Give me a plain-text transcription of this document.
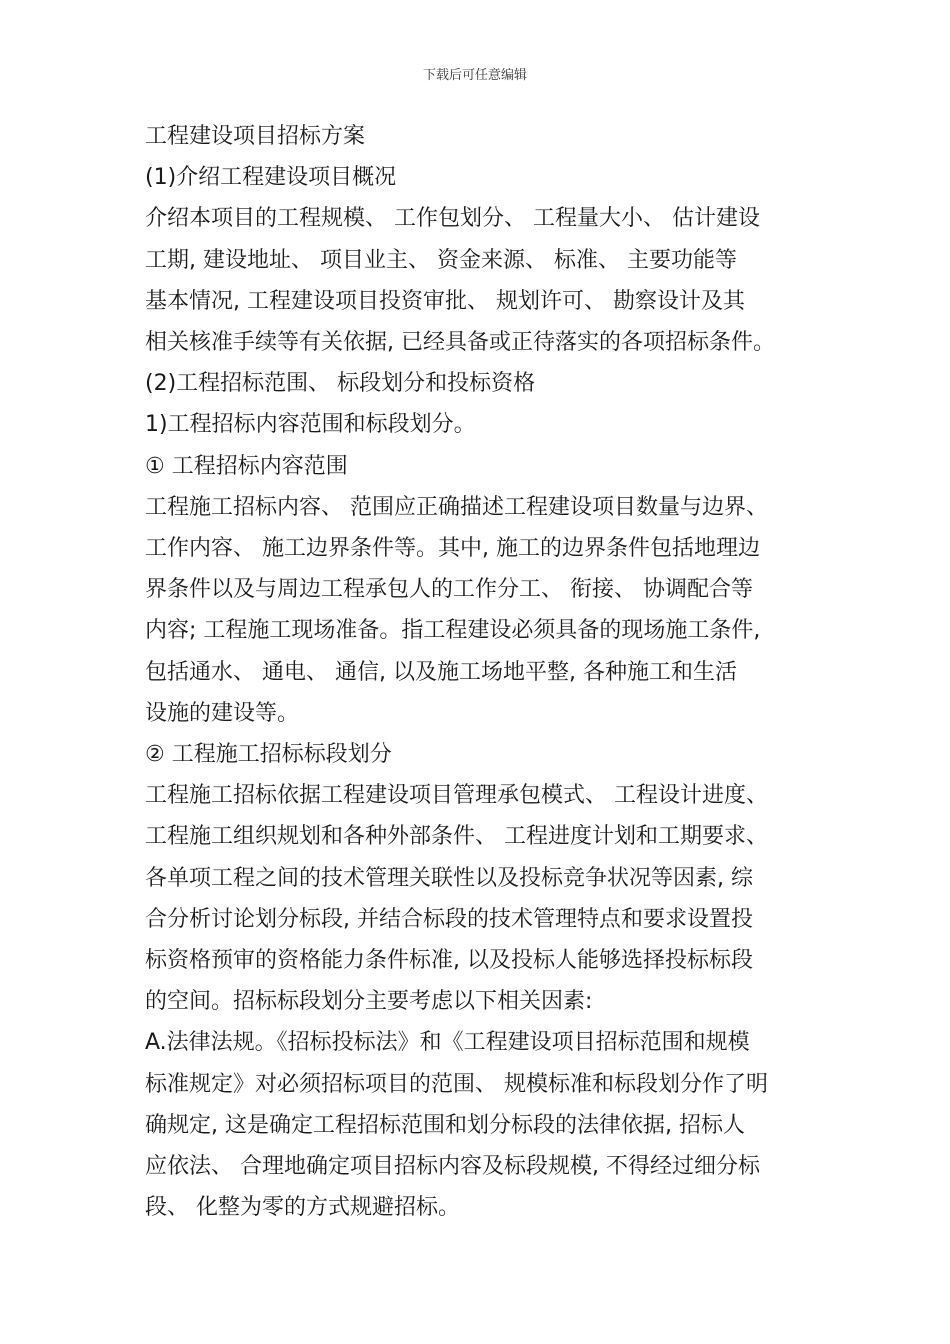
下载后可任意编辑
工程建设项目招标方案
(1)介绍工程建设项目概况
介绍本项目的工程规模、 工作包划分、 工程量大小、 估计建设
工期, 建设地址、 项目业主、 资金来源、 标准、 主要功能等
基本情况, 工程建设项目投资审批、 规划许可、 勘察设计及其
相关核准手续等有关依据, 已经具备或正待落实的各项招标条件。
(2)工程招标范围、 标段划分和投标资格
1)工程招标内容范围和标段划分。
① 工程招标内容范围
工程施工招标内容、 范围应正确描述工程建设项目数量与边界、
工作内容、 施工边界条件等。其中, 施工的边界条件包括地理边
界条件以及与周边工程承包人的工作分工、 衔接、 协调配合等
内容; 工程施工现场准备。指工程建设必须具备的现场施工条件,
包括通水、 通电、 通信, 以及施工场地平整, 各种施工和生活
设施的建设等。
② 工程施工招标标段划分
工程施工招标依据工程建设项目管理承包模式、 工程设计进度、
工程施工组织规划和各种外部条件、 工程进度计划和工期要求、
各单项工程之间的技术管理关联性以及投标竞争状况等因素, 综
合分析讨论划分标段, 并结合标段的技术管理特点和要求设置投
标资格预审的资格能力条件标准, 以及投标人能够选择投标标段
的空间。招标标段划分主要考虑以下相关因素:
A.法律法规。《招标投标法》和《工程建设项目招标范围和规模
标准规定》对必须招标项目的范围、 规模标准和标段划分作了明
确规定, 这是确定工程招标范围和划分标段的法律依据, 招标人
应依法、 合理地确定项目招标内容及标段规模, 不得经过细分标
段、 化整为零的方式规避招标。
